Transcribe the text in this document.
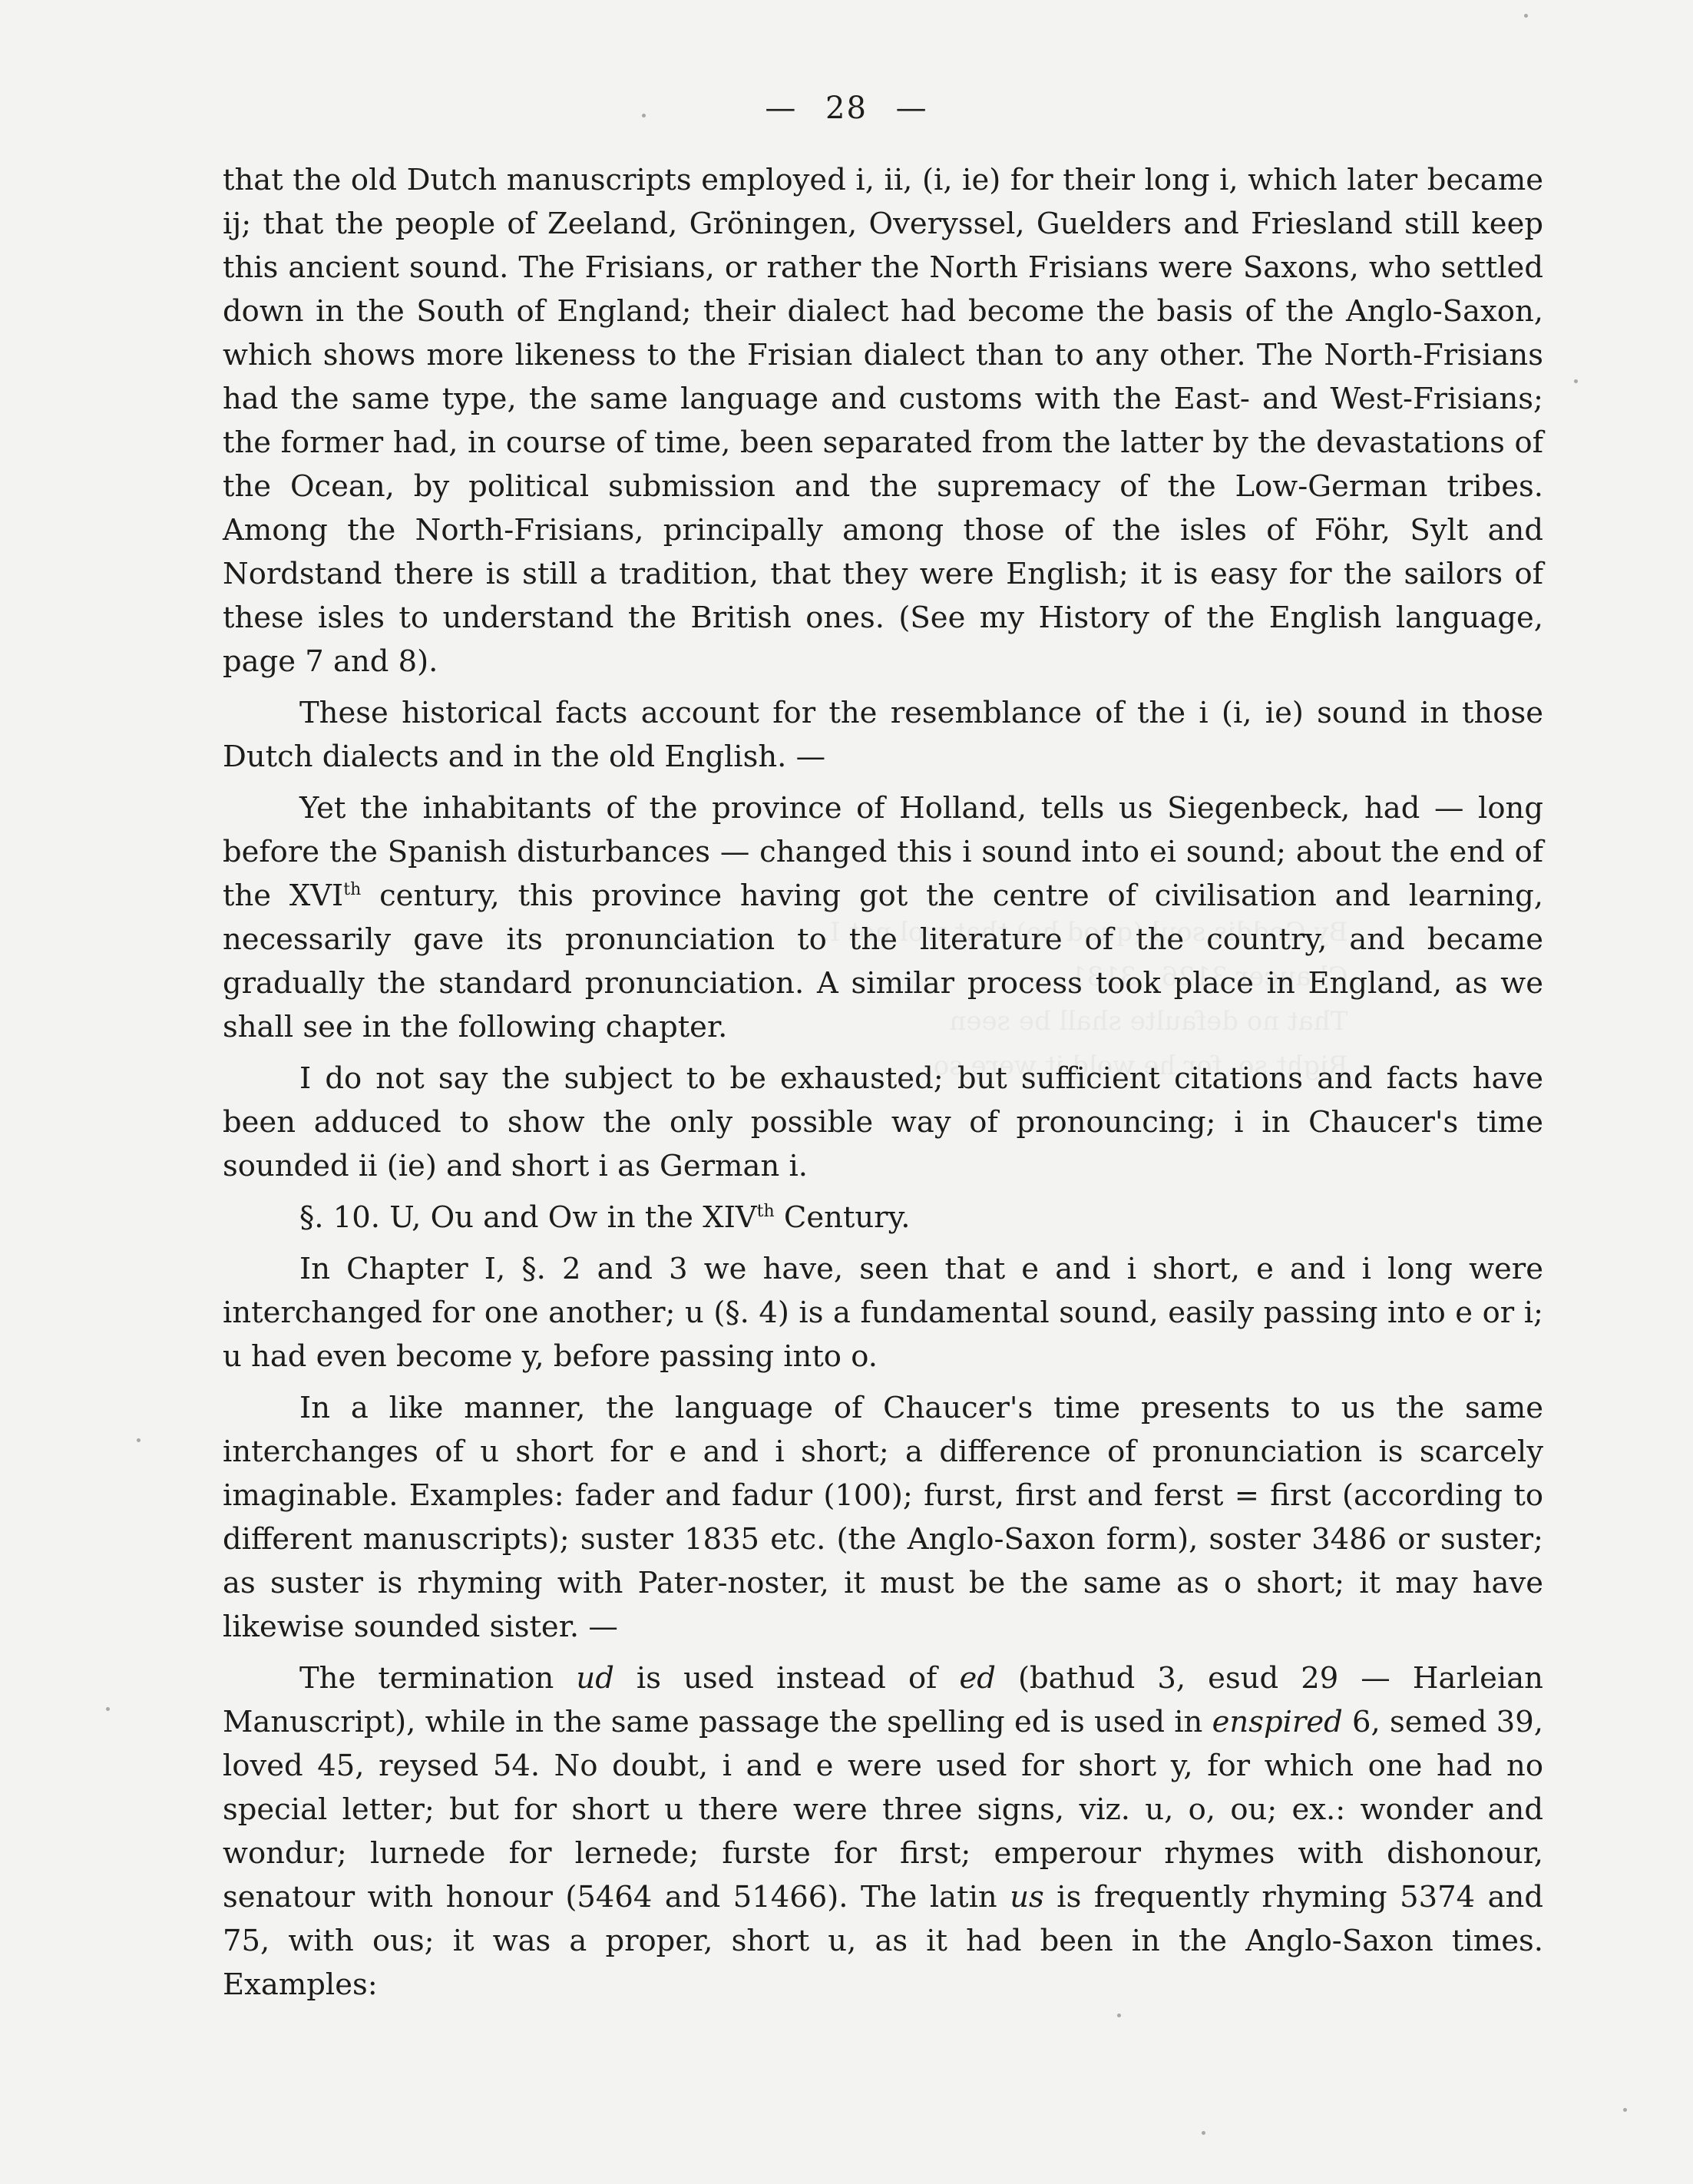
— 28 —

that the old Dutch manuscripts employed i, ii, (i, ie) for their long i, which later became ij; that the people of Zeeland, Gröningen, Overyssel, Guelders and Friesland still keep this ancient sound. The Frisians, or rather the North Frisians were Saxons, who settled down in the South of England; their dialect had become the basis of the Anglo-Saxon, which shows more likeness to the Frisian dialect than to any other. The North-Frisians had the same type, the same language and customs with the East- and West-Frisians; the former had, in course of time, been separated from the latter by the devastations of the Ocean, by political submission and the supremacy of the Low-German tribes. Among the North-Frisians, principally among those of the isles of Föhr, Sylt and Nordstand there is still a tradition, that they were English; it is easy for the sailors of these isles to understand the British ones. (See my History of the English language, page 7 and 8).

These historical facts account for the resemblance of the i (i, ie) sound in those Dutch dialects and in the old English. —

Yet the inhabitants of the province of Holland, tells us Siegenbeck, had — long before the Spanish disturbances — changed this i sound into ei sound; about the end of the XVIth century, this province having got the centre of civilisation and learning, necessarily gave its pronunciation to the literature of the country, and became gradually the standard pronunciation. A similar process took place in England, as we shall see in the following chapter.

I do not say the subject to be exhausted; but sufficient citations and facts have been adduced to show the only possible way of pronouncing; i in Chaucer's time sounded ii (ie) and short i as German i.

§. 10. U, Ou and Ow in the XIVth Century.

In Chapter I, §. 2 and 3 we have, seen that e and i short, e and i long were interchanged for one another; u (§. 4) is a fundamental sound, easily passing into e or i; u had even become y, before passing into o.

In a like manner, the language of Chaucer's time presents to us the same interchanges of u short for e and i short; a difference of pronunciation is scarcely imaginable. Examples: fader and fadur (100); furst, first and ferst = first (according to different manuscripts); suster 1835 etc. (the Anglo-Saxon form), soster 3486 or suster; as suster is rhyming with Pater-noster, it must be the same as o short; it may have likewise sounded sister. —

The termination ud is used instead of ed (bathud 3, esud 29 — Harleian Manuscript), while in the same passage the spelling ed is used in enspired 6, semed 39, loved 45, reysed 54. No doubt, i and e were used for short y, for which one had no special letter; but for short u there were three signs, viz. u, o, ou; ex.: wonder and wondur; lurnede for lernede; furste for first; emperour rhymes with dishonour, senatour with honour (5464 and 51466). The latin us is frequently rhyming 5374 and 75, with ous; it was a proper, short u, as it had been in the Anglo-Saxon times. Examples:
